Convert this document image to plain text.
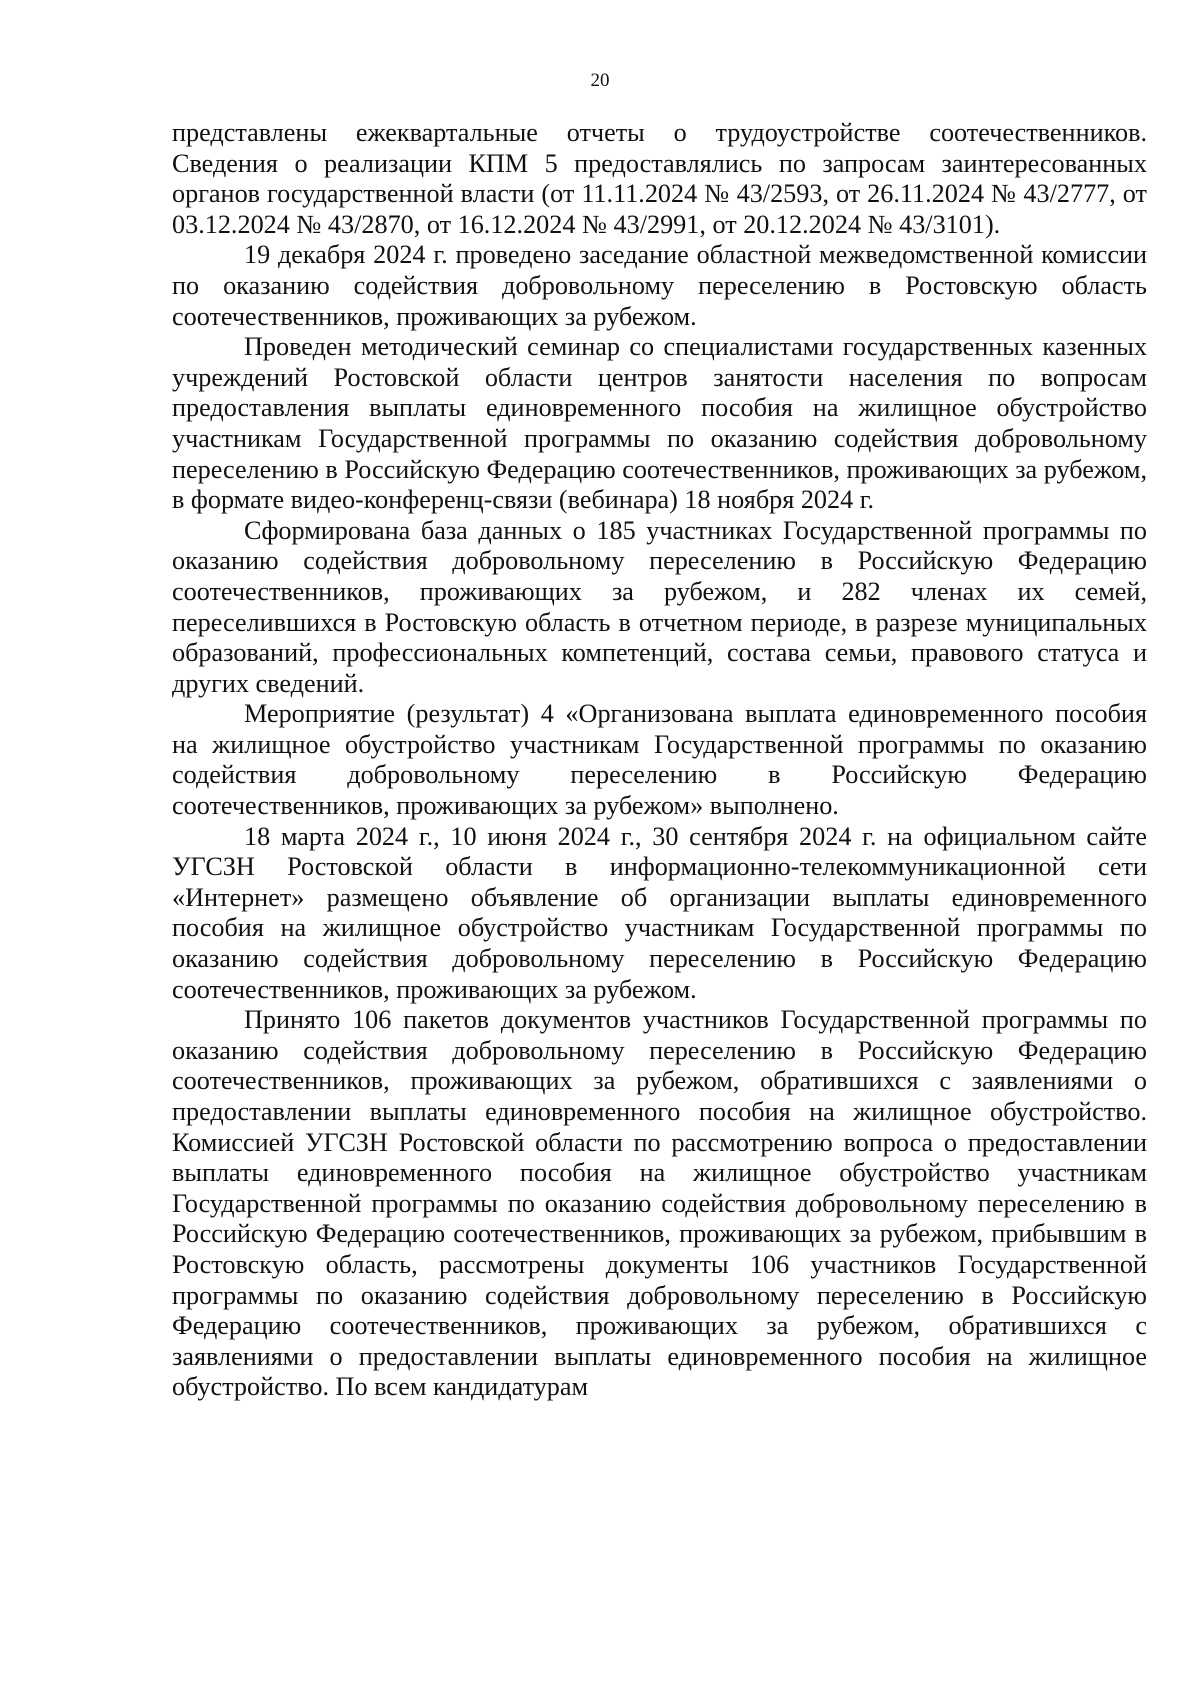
20

представлены ежеквартальные отчеты о трудоустройстве соотечественников. Сведения о реализации КПМ 5 предоставлялись по запросам заинтересованных органов государственной власти (от 11.11.2024 № 43/2593, от 26.11.2024 № 43/2777, от 03.12.2024 № 43/2870, от 16.12.2024 № 43/2991, от 20.12.2024 № 43/3101).

19 декабря 2024 г. проведено заседание областной межведомственной комиссии по оказанию содействия добровольному переселению в Ростовскую область соотечественников, проживающих за рубежом.

Проведен методический семинар со специалистами государственных казенных учреждений Ростовской области центров занятости населения по вопросам предоставления выплаты единовременного пособия на жилищное обустройство участникам Государственной программы по оказанию содействия добровольному переселению в Российскую Федерацию соотечественников, проживающих за рубежом, в формате видео-конференц-связи (вебинара) 18 ноября 2024 г.

Сформирована база данных о 185 участниках Государственной программы по оказанию содействия добровольному переселению в Российскую Федерацию соотечественников, проживающих за рубежом, и 282 членах их семей, переселившихся в Ростовскую область в отчетном периоде, в разрезе муниципальных образований, профессиональных компетенций, состава семьи, правового статуса и других сведений.

Мероприятие (результат) 4 «Организована выплата единовременного пособия на жилищное обустройство участникам Государственной программы по оказанию содействия добровольному переселению в Российскую Федерацию соотечественников, проживающих за рубежом» выполнено.

18 марта 2024 г., 10 июня 2024 г., 30 сентября 2024 г. на официальном сайте УГСЗН Ростовской области в информационно-телекоммуникационной сети «Интернет» размещено объявление об организации выплаты единовременного пособия на жилищное обустройство участникам Государственной программы по оказанию содействия добровольному переселению в Российскую Федерацию соотечественников, проживающих за рубежом.

Принято 106 пакетов документов участников Государственной программы по оказанию содействия добровольному переселению в Российскую Федерацию соотечественников, проживающих за рубежом, обратившихся с заявлениями о предоставлении выплаты единовременного пособия на жилищное обустройство. Комиссией УГСЗН Ростовской области по рассмотрению вопроса о предоставлении выплаты единовременного пособия на жилищное обустройство участникам Государственной программы по оказанию содействия добровольному переселению в Российскую Федерацию соотечественников, проживающих за рубежом, прибывшим в Ростовскую область, рассмотрены документы 106 участников Государственной программы по оказанию содействия добровольному переселению в Российскую Федерацию соотечественников, проживающих за рубежом, обратившихся с заявлениями о предоставлении выплаты единовременного пособия на жилищное обустройство. По всем кандидатурам
